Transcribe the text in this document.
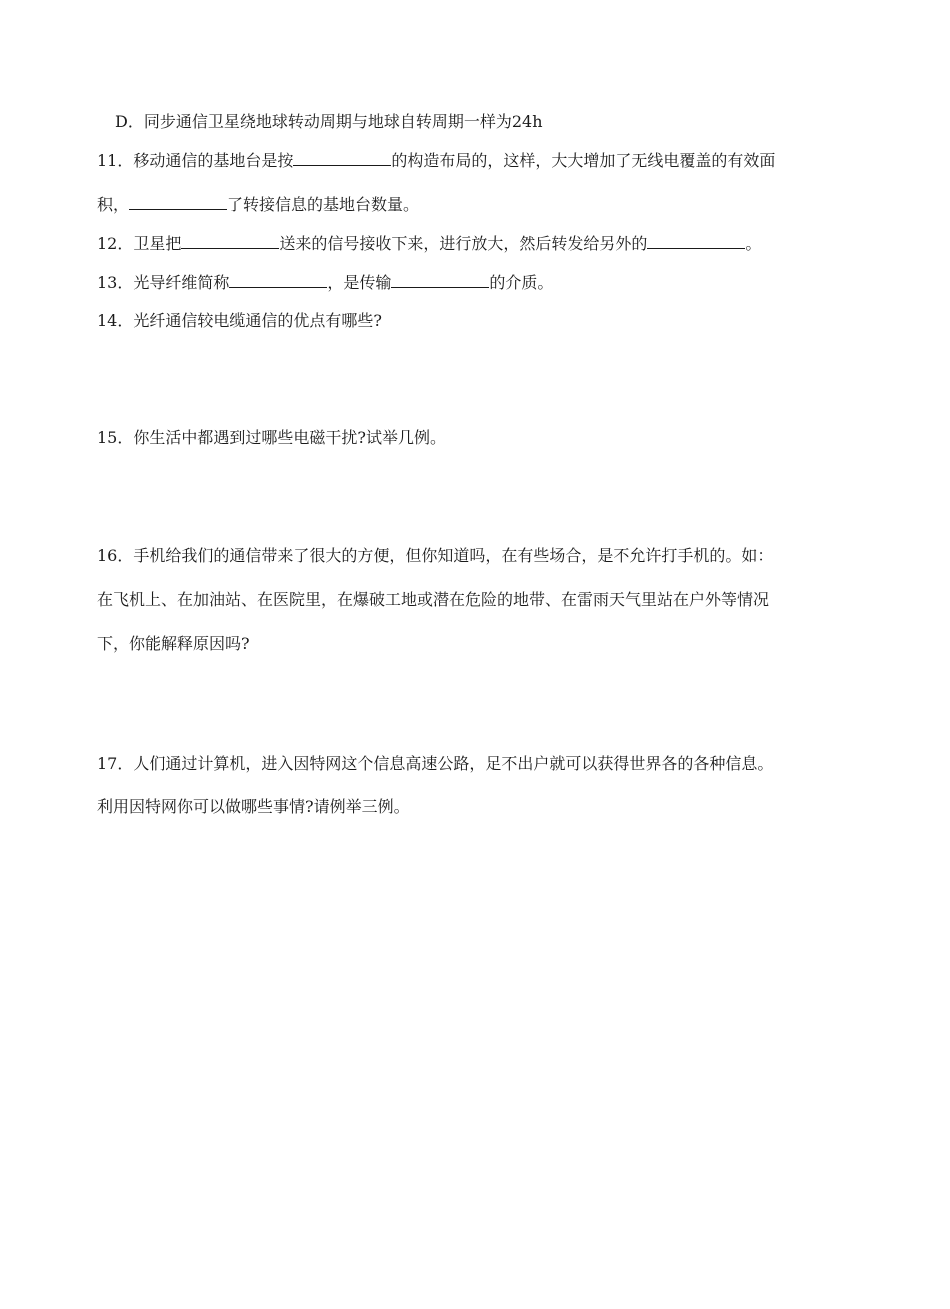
D．同步通信卫星绕地球转动周期与地球自转周期一样为24h
11．移动通信的基地台是按	的构造布局的，这样，大大增加了无线电覆盖的有效面
积，	了转接信息的基地台数量。
12．卫星把	送来的信号接收下来，进行放大，然后转发给另外的	。
13．光导纤维简称	，是传输	的介质。
14．光纤通信较电缆通信的优点有哪些?
15．你生活中都遇到过哪些电磁干扰?试举几例。
16．手机给我们的通信带来了很大的方便，但你知道吗，在有些场合，是不允许打手机的。如：
在飞机上、在加油站、在医院里，在爆破工地或潜在危险的地带、在雷雨天气里站在户外等情况
下，你能解释原因吗?
17．人们通过计算机，进入因特网这个信息高速公路，足不出户就可以获得世界各的各种信息。
利用因特网你可以做哪些事情?请例举三例。
